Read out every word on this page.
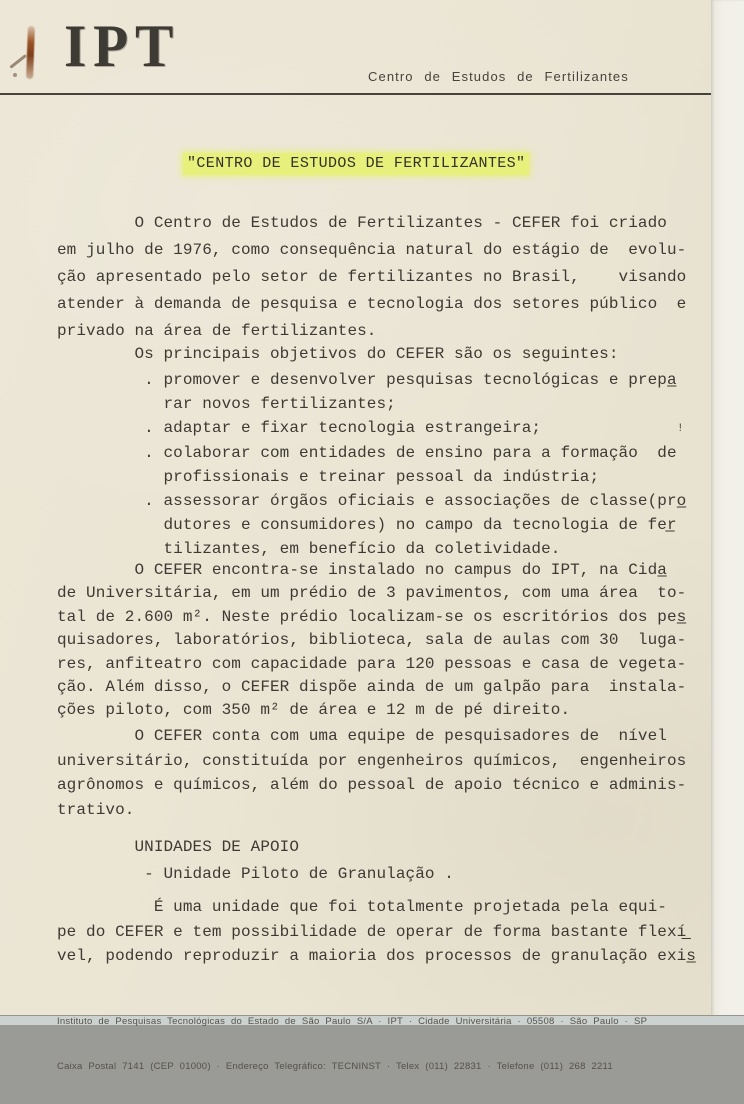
IPT	Centro de Estudos de Fertilizantes
"CENTRO DE ESTUDOS DE FERTILIZANTES"
O Centro de Estudos de Fertilizantes - CEFER foi criado
em julho de 1976, como consequência natural do estágio de  evolu-
ção apresentado pelo setor de fertilizantes no Brasil,    visando
atender à demanda de pesquisa e tecnologia dos setores público  e
privado na área de fertilizantes.
Os principais objetivos do CEFER são os seguintes:
. promover e desenvolver pesquisas tecnológicas e prepa̲
rar novos fertilizantes;
. adaptar e fixar tecnologia estrangeira;
. colaborar com entidades de ensino para a formação  de
profissionais e treinar pessoal da indústria;
. assessorar órgãos oficiais e associações de classe(pro̲
dutores e consumidores) no campo da tecnologia de fer̲
tilizantes, em benefício da coletividade.
O CEFER encontra-se instalado no campus do IPT, na Cida̲
de Universitária, em um prédio de 3 pavimentos, com uma área  to-
tal de 2.600 m². Neste prédio localizam-se os escritórios dos pes̲
quisadores, laboratórios, biblioteca, sala de aulas com 30  luga-
res, anfiteatro com capacidade para 120 pessoas e casa de vegeta-
ção. Além disso, o CEFER dispõe ainda de um galpão para  instala-
ções piloto, com 350 m² de área e 12 m de pé direito.
O CEFER conta com uma equipe de pesquisadores de  nível
universitário, constituída por engenheiros químicos,  engenheiros
agrônomos e químicos, além do pessoal de apoio técnico e adminis-
trativo.
UNIDADES DE APOIO
- Unidade Piloto de Granulação .
É uma unidade que foi totalmente projetada pela equi-
pe do CEFER e tem possibilidade de operar de forma bastante flexí̲
vel, podendo reproduzir a maioria dos processos de granulação exis̲
!

Instituto de Pesquisas Tecnológicas do Estado de São Paulo S/A · IPT · Cidade Universitária · 05508 · São Paulo · SP

Caixa Postal 7141 (CEP 01000) · Endereço Telegráfico: TECNINST · Telex (011) 22831 · Telefone (011) 268 2211
